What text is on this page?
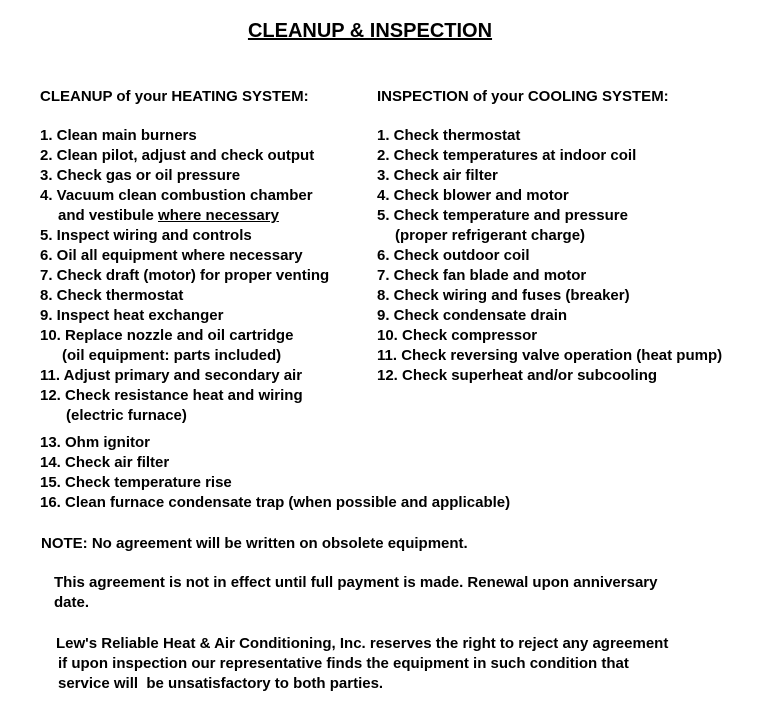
CLEANUP & INSPECTION
CLEANUP of your HEATING SYSTEM:	INSPECTION of your COOLING SYSTEM:
1. Clean main burners
2. Clean pilot, adjust and check output
3. Check gas or oil pressure
4. Vacuum clean combustion chamber
and vestibule where necessary
5. Inspect wiring and controls
6. Oil all equipment where necessary
7. Check draft (motor) for proper venting
8. Check thermostat
9. Inspect heat exchanger
10. Replace nozzle and oil cartridge
(oil equipment: parts included)
11. Adjust primary and secondary air
12. Check resistance heat and wiring
(electric furnace)
13. Ohm ignitor
14. Check air filter
15. Check temperature rise
16. Clean furnace condensate trap (when possible and applicable)
1. Check thermostat
2. Check temperatures at indoor coil
3. Check air filter
4. Check blower and motor
5. Check temperature and pressure
(proper refrigerant charge)
6. Check outdoor coil
7. Check fan blade and motor
8. Check wiring and fuses (breaker)
9. Check condensate drain
10. Check compressor
11. Check reversing valve operation (heat pump)
12. Check superheat and/or subcooling
NOTE: No agreement will be written on obsolete equipment.
This agreement is not in effect until full payment is made. Renewal upon anniversary
date.
Lew's Reliable Heat & Air Conditioning, Inc. reserves the right to reject any agreement
if upon inspection our representative finds the equipment in such condition that
service will  be unsatisfactory to both parties.
